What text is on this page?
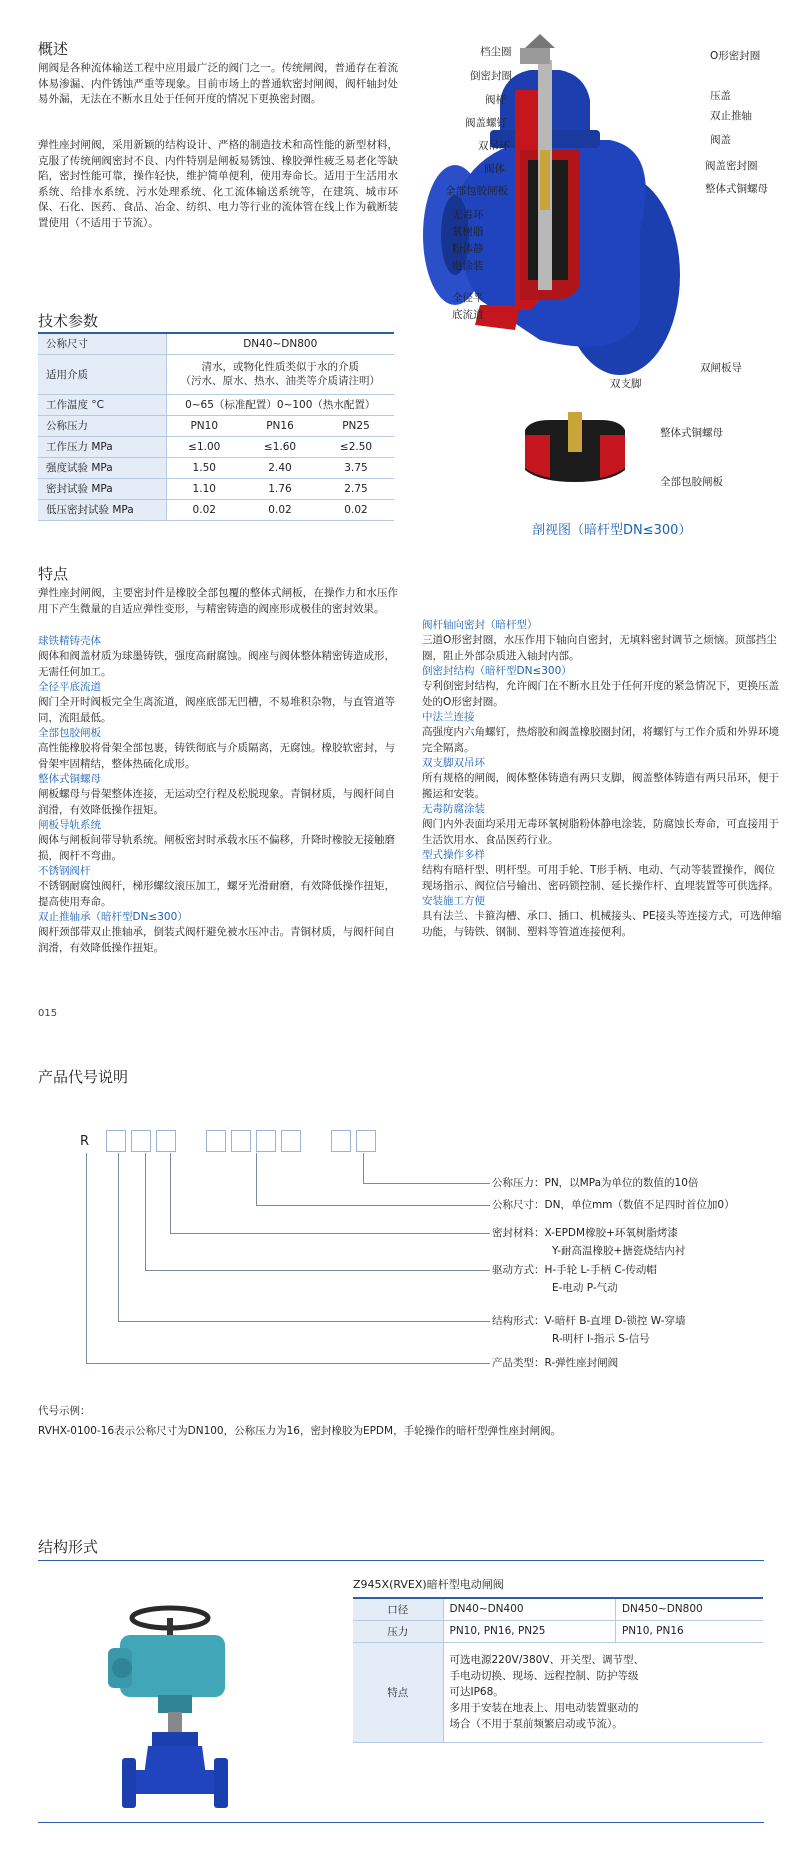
概述
闸阀是各种流体输送工程中应用最广泛的阀门之一。传统闸阀，普通存在着流体易渗漏、内件锈蚀严重等现象。目前市场上的普通软密封闸阀，阀杆轴封处易外漏，无法在不断水且处于任何开度的情况下更换密封圈。
弹性座封闸阀，采用新颖的结构设计、严格的制造技术和高性能的新型材料，克服了传统闸阀密封不良、内件特别是闸板易锈蚀、橡胶弹性疲乏易老化等缺陷，密封性能可靠，操作轻快，维护简单便利，使用寿命长。适用于生活用水系统、给排水系统、污水处理系统、化工流体输送系统等，在建筑、城市环保、石化、医药、食品、冶金、纺织、电力等行业的流体管在线上作为截断装置使用（不适用于节流）。
技术参数
公称尺寸	DN40~DN800		
适用介质	清水，或物化性质类似于水的介质
（污水、原水、热水、油类等介质请注明）		

工作温度 °C	0~65（标准配置）0~100（热水配置）		
公称压力	PN10	PN16	PN25
工作压力 MPa	≤1.00	≤1.60	≤2.50
强度试验 MPa	1.50	2.40	3.75
密封试验 MPa	1.10	1.76	2.75
低压密封试验 MPa	0.02	0.02	0.02
档尘圈
倒密封圈
阀杆
阀盖螺钉
双吊环
阀体
全部包胶闸板
无毒环
氧树脂
粉体静
电涂装
全径平
底流道
O形密封圈
压盖
双止推轴
阀盖
阀盖密封圈
整体式铜螺母
双闸板导
双支脚
整体式铜螺母
全部包胶闸板
剖视图（暗杆型DN≤300）
特点
弹性座封闸阀，主要密封件是橡胶全部包覆的整体式闸板，在操作力和水压作用下产生微量的自适应弹性变形，与精密铸造的阀座形成极佳的密封效果。
球铁精铸壳体
阀体和阀盖材质为球墨铸铁，强度高耐腐蚀。阀座与阀体整体精密铸造成形，无需任何加工。
全径平底流道
阀门全开时阀板完全生离流道，阀座底部无凹槽，不易堆积杂物，与直管道等同，流阻最低。
全部包胶闸板
高性能橡胶将骨架全部包裹，铸铁彻底与介质隔离，无腐蚀。橡胶软密封，与骨架牢固精结，整体热硫化成形。
整体式铜螺母
闸板螺母与骨架整体连接，无运动空行程及松脱现象。青铜材质，与阀杆间自润滑，有效降低操作扭矩。
闸板导轨系统
阀体与闸板间带导轨系统。闸板密封时承载水压不偏移，升降时橡胶无接触磨损，阀杆不弯曲。
不锈钢阀杆
不锈钢耐腐蚀阀杆，梯形螺纹滚压加工，螺牙光滑耐磨，有效降低操作扭矩，提高使用寿命。
双止推轴承（暗杆型DN≤300）
阀杆颈部带双止推轴承，倒装式阀杆避免被水压冲击。青铜材质，与阀杆间自润滑，有效降低操作扭矩。
阀杆轴向密封（暗杆型）
三道O形密封圈，水压作用下轴向自密封，无填料密封调节之烦恼。顶部挡尘圈，阻止外部杂质进入轴封内部。
倒密封结构（暗杆型DN≤300）
专利倒密封结构，允许阀门在不断水且处于任何开度的紧急情况下，更换压盖处的O形密封圈。
中法兰连接
高强度内六角螺钉，热熔胶和阀盖橡胶圈封闭，将螺钉与工作介质和外界环境完全隔离。
双支脚双吊环
所有规格的闸阀，阀体整体铸造有两只支脚，阀盖整体铸造有两只吊环，便于搬运和安装。
无毒防腐涂装
阀门内外表面均采用无毒环氧树脂粉体静电涂装，防腐蚀长寿命，可直接用于生活饮用水、食品医药行业。
型式操作多样
结构有暗杆型、明杆型。可用手轮、T形手柄、电动、气动等装置操作，阀位现场指示、阀位信号输出、密码锁控制、延长操作杆、直埋装置等可供选择。
安装施工方便
具有法兰、卡箍沟槽、承口、插口、机械接头、PE接头等连接方式，可选伸缩功能，与铸铁、钢制、塑料等管道连接便利。
015
产品代号说明
R
公称压力：PN，以MPa为单位的数值的10倍
公称尺寸：DN，单位mm（数值不足四时首位加0）
密封材料：X-EPDM橡胶+环氧树脂烤漆
Y-耐高温橡胶+搪瓷烧结内衬
驱动方式：H-手轮 L-手柄 C-传动帽
E-电动 P-气动
结构形式：V-暗杆 B-直埋 D-锁控 W-穿墙
R-明杆 I-指示 S-信号
产品类型：R-弹性座封闸阀
代号示例：
RVHX-0100-16表示公称尺寸为DN100，公称压力为16，密封橡胶为EPDM，手轮操作的暗杆型弹性座封闸阀。
结构形式
Z945X(RVEX)暗杆型电动闸阀
口径	DN40~DN400	DN450~DN800
压力	PN10, PN16, PN25	PN10, PN16
特点	可选电源220V/380V、开关型、调节型、
手电动切换、现场、远程控制、防护等级
可达IP68。
多用于安装在地表上、用电动装置驱动的
场合（不用于泵前频繁启动或节流）。	
